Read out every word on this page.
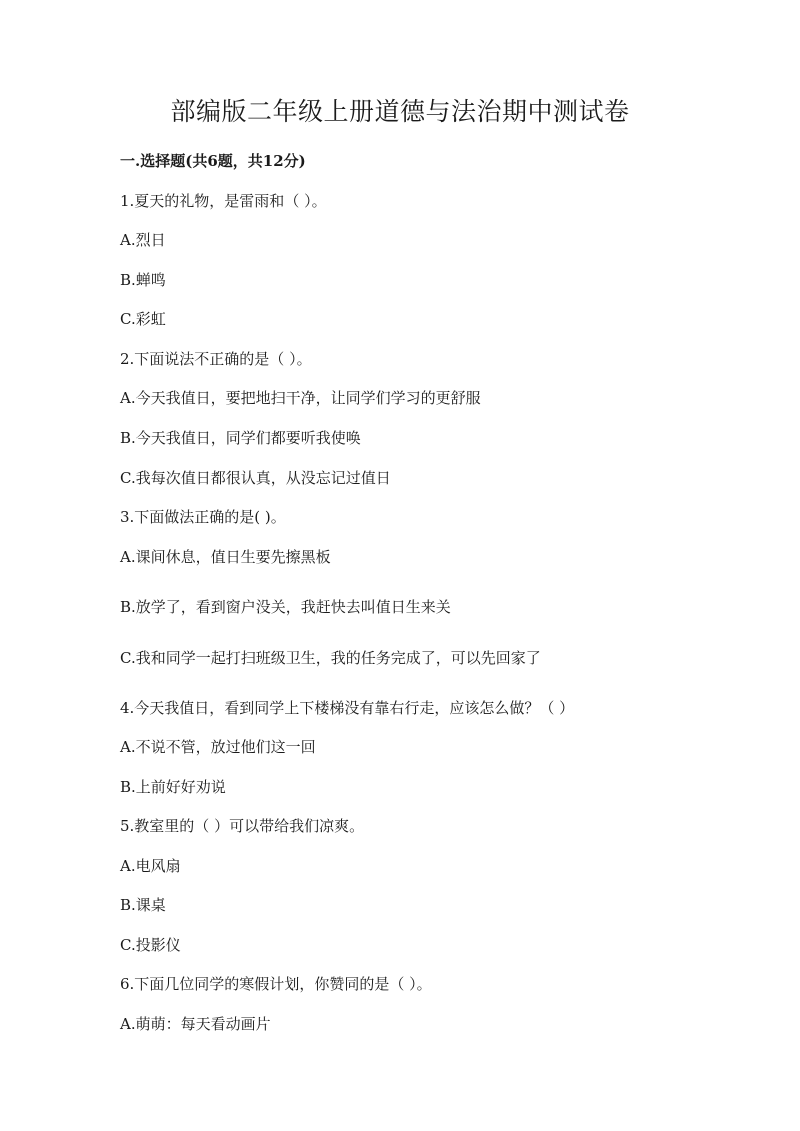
部编版二年级上册道德与法治期中测试卷
一.选择题(共6题，共12分)
1.夏天的礼物，是雷雨和（ ）。
A.烈日
B.蝉鸣
C.彩虹
2.下面说法不正确的是（ ）。
A.今天我值日，要把地扫干净，让同学们学习的更舒服
B.今天我值日，同学们都要听我使唤
C.我每次值日都很认真，从没忘记过值日
3.下面做法正确的是( )。
A.课间休息，值日生要先擦黑板
B.放学了，看到窗户没关，我赶快去叫值日生来关
C.我和同学一起打扫班级卫生，我的任务完成了，可以先回家了
4.今天我值日，看到同学上下楼梯没有靠右行走，应该怎么做？（ ）
A.不说不管，放过他们这一回
B.上前好好劝说
5.教室里的（ ）可以带给我们凉爽。
A.电风扇
B.课桌
C.投影仪
6.下面几位同学的寒假计划，你赞同的是（ ）。
A.萌萌：每天看动画片
